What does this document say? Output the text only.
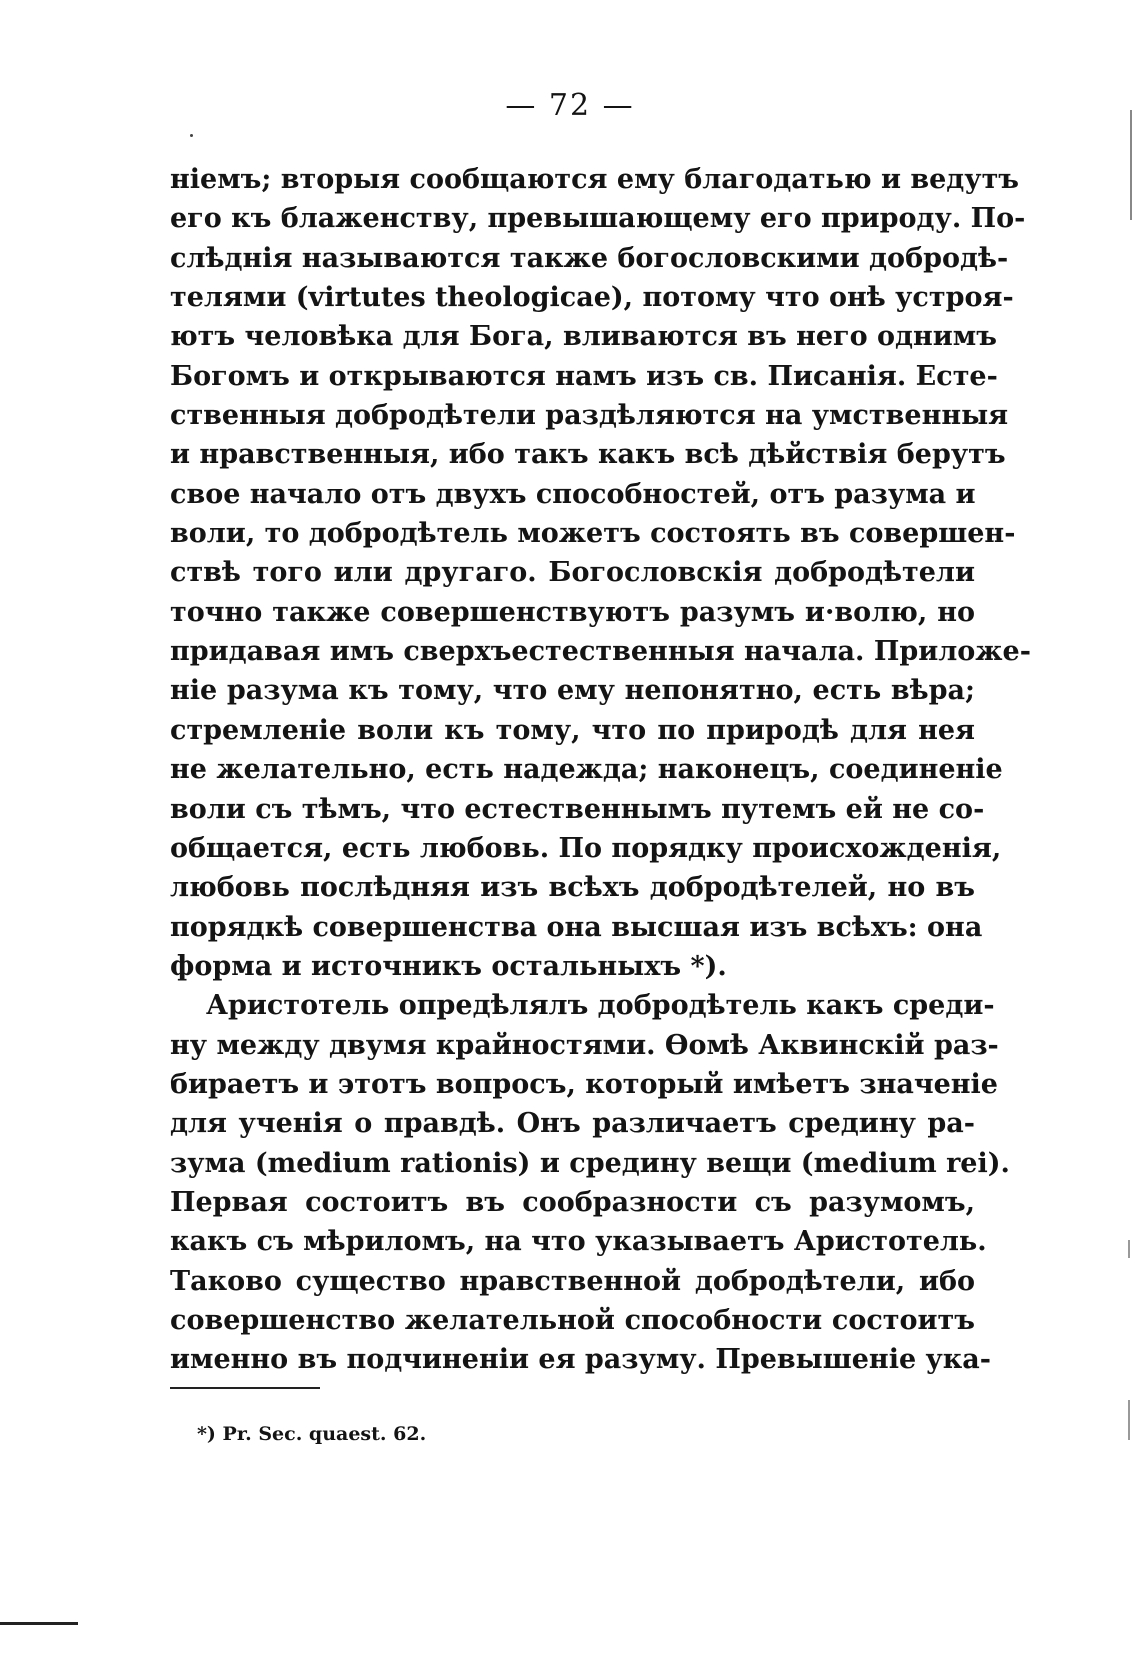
— 72 —
ніемъ; вторыя сообщаются ему благодатью и ведутъ
его къ блаженству, превышающему его природу. По-
слѣднія называются также богословскими добродѣ-
телями (virtutes theologicae), потому что онѣ устроя-
ютъ человѣка для Бога, вливаются въ него однимъ
Богомъ и открываются намъ изъ св. Писанія. Есте-
ственныя добродѣтели раздѣляются на умственныя
и нравственныя, ибо такъ какъ всѣ дѣйствія берутъ
свое начало отъ двухъ способностей, отъ разума и
воли, то добродѣтель можетъ состоять въ совершен-
ствѣ того или другаго. Богословскія добродѣтели
точно также совершенствуютъ разумъ и·волю, но
придавая имъ сверхъестественныя начала. Приложе-
ніе разума къ тому, что ему непонятно, есть вѣра;
стремленіе воли къ тому, что по природѣ для нея
не желательно, есть надежда; наконецъ, соединеніе
воли съ тѣмъ, что естественнымъ путемъ ей не со-
общается, есть любовь. По порядку происхожденія,
любовь послѣдняя изъ всѣхъ добродѣтелей, но въ
порядкѣ совершенства она высшая изъ всѣхъ: она
форма и источникъ остальныхъ *).
Аристотель опредѣлялъ добродѣтель какъ среди-
ну между двумя крайностями. Ѳомѣ Аквинскій раз-
бираетъ и этотъ вопросъ, который имѣетъ значеніе
для ученія о правдѣ. Онъ различаетъ средину ра-
зума (medium rationis) и средину вещи (medium rei).
Первая состоитъ въ сообразности съ разумомъ,
какъ съ мѣриломъ, на что указываетъ Аристотель.
Таково существо нравственной добродѣтели, ибо
совершенство желательной способности состоитъ
именно въ подчиненіи ея разуму. Превышеніе ука-
*) Pr. Sec. quaest. 62.
